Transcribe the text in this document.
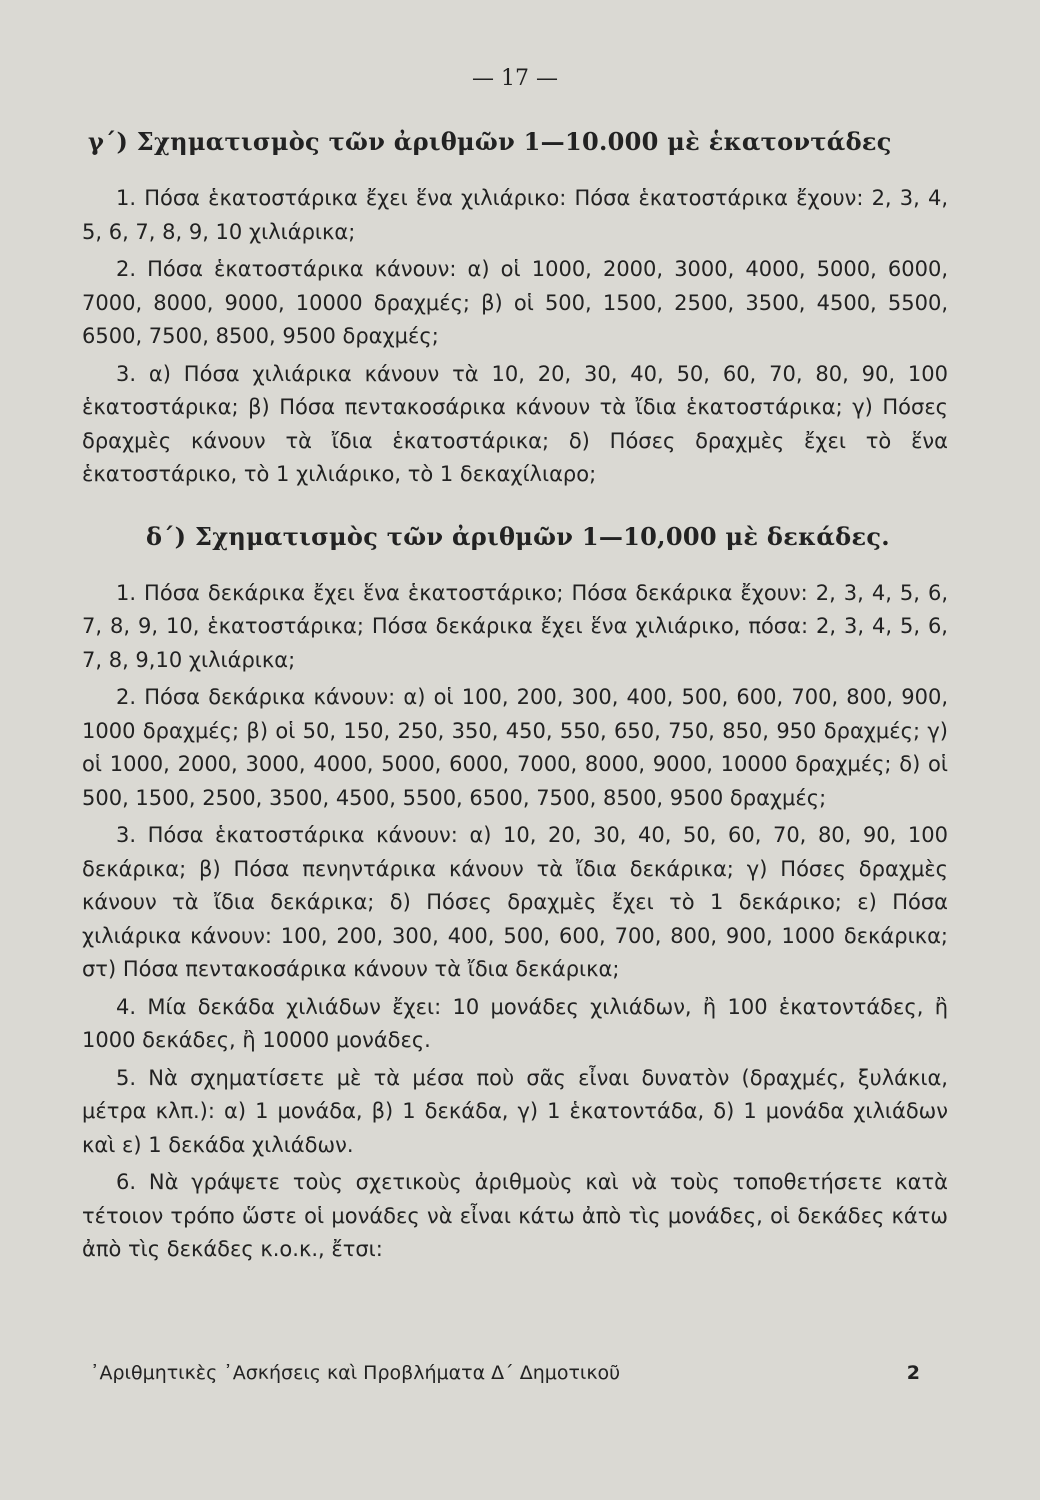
— 17 —
γ΄) Σχηματισμὸς τῶν ἀριθμῶν 1—10.000 μὲ ἑκατοντάδες

1. Πόσα ἑκατοστάρικα ἔχει ἕνα χιλιάρικο: Πόσα ἑκατοστάρικα ἔχουν: 2, 3, 4, 5, 6, 7, 8, 9, 10 χιλιάρικα;

2. Πόσα ἑκατοστάρικα κάνουν: α) οἱ 1000, 2000, 3000, 4000, 5000, 6000, 7000, 8000, 9000, 10000 δραχμές; β) οἱ 500, 1500, 2500, 3500, 4500, 5500, 6500, 7500, 8500, 9500 δραχμές;

3. α) Πόσα χιλιάρικα κάνουν τὰ 10, 20, 30, 40, 50, 60, 70, 80, 90, 100 ἑκατοστάρικα; β) Πόσα πεντακοσάρικα κάνουν τὰ ἴδια ἑκατοστάρικα; γ) Πόσες δραχμὲς κάνουν τὰ ἴδια ἑκατοστάρικα; δ) Πόσες δραχμὲς ἔχει τὸ ἕνα ἑκατοστάρικο, τὸ 1 χιλιάρικο, τὸ 1 δεκαχίλιαρο;

δ΄) Σχηματισμὸς τῶν ἀριθμῶν 1—10,000 μὲ δεκάδες.

1. Πόσα δεκάρικα ἔχει ἕνα ἑκατοστάρικο; Πόσα δεκάρικα ἔχουν: 2, 3, 4, 5, 6, 7, 8, 9, 10, ἑκατοστάρικα; Πόσα δεκάρικα ἔχει ἕνα χιλιάρικο, πόσα: 2, 3, 4, 5, 6, 7, 8, 9,10 χιλιάρικα;

2. Πόσα δεκάρικα κάνουν: α) οἱ 100, 200, 300, 400, 500, 600, 700, 800, 900, 1000 δραχμές; β) οἱ 50, 150, 250, 350, 450, 550, 650, 750, 850, 950 δραχμές; γ) οἱ 1000, 2000, 3000, 4000, 5000, 6000, 7000, 8000, 9000, 10000 δραχμές; δ) οἱ 500, 1500, 2500, 3500, 4500, 5500, 6500, 7500, 8500, 9500 δραχμές;

3. Πόσα ἑκατοστάρικα κάνουν: α) 10, 20, 30, 40, 50, 60, 70, 80, 90, 100 δεκάρικα; β) Πόσα πενηντάρικα κάνουν τὰ ἴδια δεκάρικα; γ) Πόσες δραχμὲς κάνουν τὰ ἴδια δεκάρικα; δ) Πόσες δραχμὲς ἔχει τὸ 1 δεκάρικο; ε) Πόσα χιλιάρικα κάνουν: 100, 200, 300, 400, 500, 600, 700, 800, 900, 1000 δεκάρικα; στ) Πόσα πεντακοσάρικα κάνουν τὰ ἴδια δεκάρικα;

4. Μία δεκάδα χιλιάδων ἔχει: 10 μονάδες χιλιάδων, ἢ 100 ἑκατοντάδες, ἢ 1000 δεκάδες, ἢ 10000 μονάδες.

5. Νὰ σχηματίσετε μὲ τὰ μέσα ποὺ σᾶς εἶναι δυνατὸν (δραχμές, ξυλάκια, μέτρα κλπ.): α) 1 μονάδα, β) 1 δεκάδα, γ) 1 ἑκατοντάδα, δ) 1 μονάδα χιλιάδων καὶ ε) 1 δεκάδα χιλιάδων.

6. Νὰ γράψετε τοὺς σχετικοὺς ἀριθμοὺς καὶ νὰ τοὺς τοποθετήσετε κατὰ τέτοιον τρόπο ὥστε οἱ μονάδες νὰ εἶναι κάτω ἀπὸ τὶς μονάδες, οἱ δεκάδες κάτω ἀπὸ τὶς δεκάδες κ.ο.κ., ἔτσι:

᾽Αριθμητικὲς ᾽Ασκήσεις καὶ Προβλήματα Δ΄ Δημοτικοῦ	2
